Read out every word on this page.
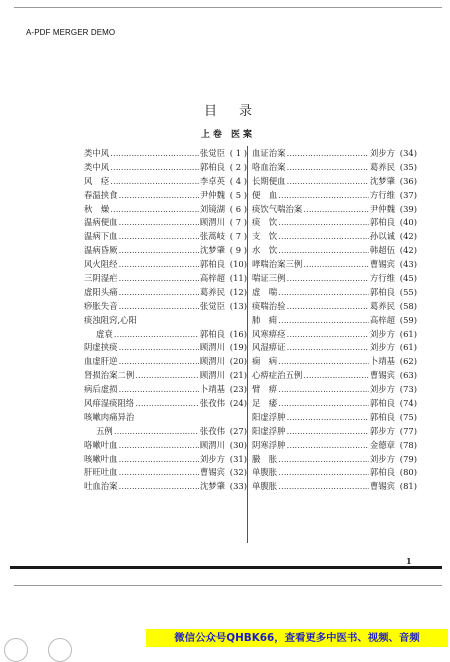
A-PDF MERGER DEMO
目录
上卷 医案
类中风 …………………………………………………………………………	张觉臣 ( 1 )
类中风 …………………………………………………………………………	郭柏良 ( 2 )
风　痉 …………………………………………………………………………	李卓英 ( 4 )
春温挟食 …………………………………………………………………………	尹仲魏 ( 5 )
秋　燥 …………………………………………………………………………	刘镜湖 ( 6 )
温病便血 …………………………………………………………………………	顾渭川 ( 7 )
温病下血 …………………………………………………………………………	张蒿岐 ( 7 )
温病昏厥 …………………………………………………………………………	沈梦肇 ( 9 )
风火阻经 …………………………………………………………………………	郭柏良 (10)
三阴湿疟 …………………………………………………………………………	高梓超 (11)
虚阳头痛 …………………………………………………………………………	葛养民 (12)
痧胀失音 …………………………………………………………………………	张觉臣 (13)
痰浊阻窍,心阳
虚衰 …………………………………………………………………………	郭柏良 (16)
阴虚挟痰 …………………………………………………………………………	顾渭川 (19)
血虚肝逆 …………………………………………………………………………	顾渭川 (20)
肾损治案二例 …………………………………………………………………………	顾渭川 (21)
病后虚损 …………………………………………………………………………	卜靖基 (23)
风痱湿痰阻络 …………………………………………………………………………	张孜伟 (24)
咳嗽肉痛异治
五例 …………………………………………………………………………	张孜伟 (27)
咯嗽叶血 …………………………………………………………………………	顾渭川 (30)
咳嗽叶血 …………………………………………………………………………	刘步方 (31)
肝旺吐血 …………………………………………………………………………	曹锡宾 (32)
吐血治案 …………………………………………………………………………	沈梦肇 (33)
血证治案 …………………………………………………………………………	刘步方 (34)
咯血治案 …………………………………………………………………………	葛养民 (35)
长期便血 …………………………………………………………………………	沈梦肇 (36)
便　血 …………………………………………………………………………	方行维 (37)
痰饮气喘治案 …………………………………………………………………………	尹仲魏 (39)
痰　饮 …………………………………………………………………………	郭柏良 (40)
支　饮 …………………………………………………………………………	孙以诚 (42)
水　饮 …………………………………………………………………………	韩超伍 (42)
哮喘治案三例 …………………………………………………………………………	曹锡宾 (43)
喘证三例 …………………………………………………………………………	方行维 (45)
虚　喘 …………………………………………………………………………	郭柏良 (55)
痰喘治验 …………………………………………………………………………	葛养民 (58)
肺　痈 …………………………………………………………………………	高梓超 (59)
风寒痹痉 …………………………………………………………………………	刘步方 (61)
风湿痹证 …………………………………………………………………………	刘步方 (61)
痫　病 …………………………………………………………………………	卜靖基 (62)
心痹症治五例 …………………………………………………………………………	曹锡宾 (63)
臂　痹 …………………………………………………………………………	刘步方 (73)
足　痿 …………………………………………………………………………	郭柏良 (74)
阳虚浮肿 …………………………………………………………………………	郭柏良 (75)
阳虚浮肿 …………………………………………………………………………	郭步方 (77)
阴寒浮肿 …………………………………………………………………………	金德章 (78)
臌　胀 …………………………………………………………………………	刘步方 (79)
单腹胀 …………………………………………………………………………	郭柏良 (80)
单腹胀 …………………………………………………………………………	曹锡宾 (81)
1
微信公众号QHBK66，查看更多中医书、视频、音频
